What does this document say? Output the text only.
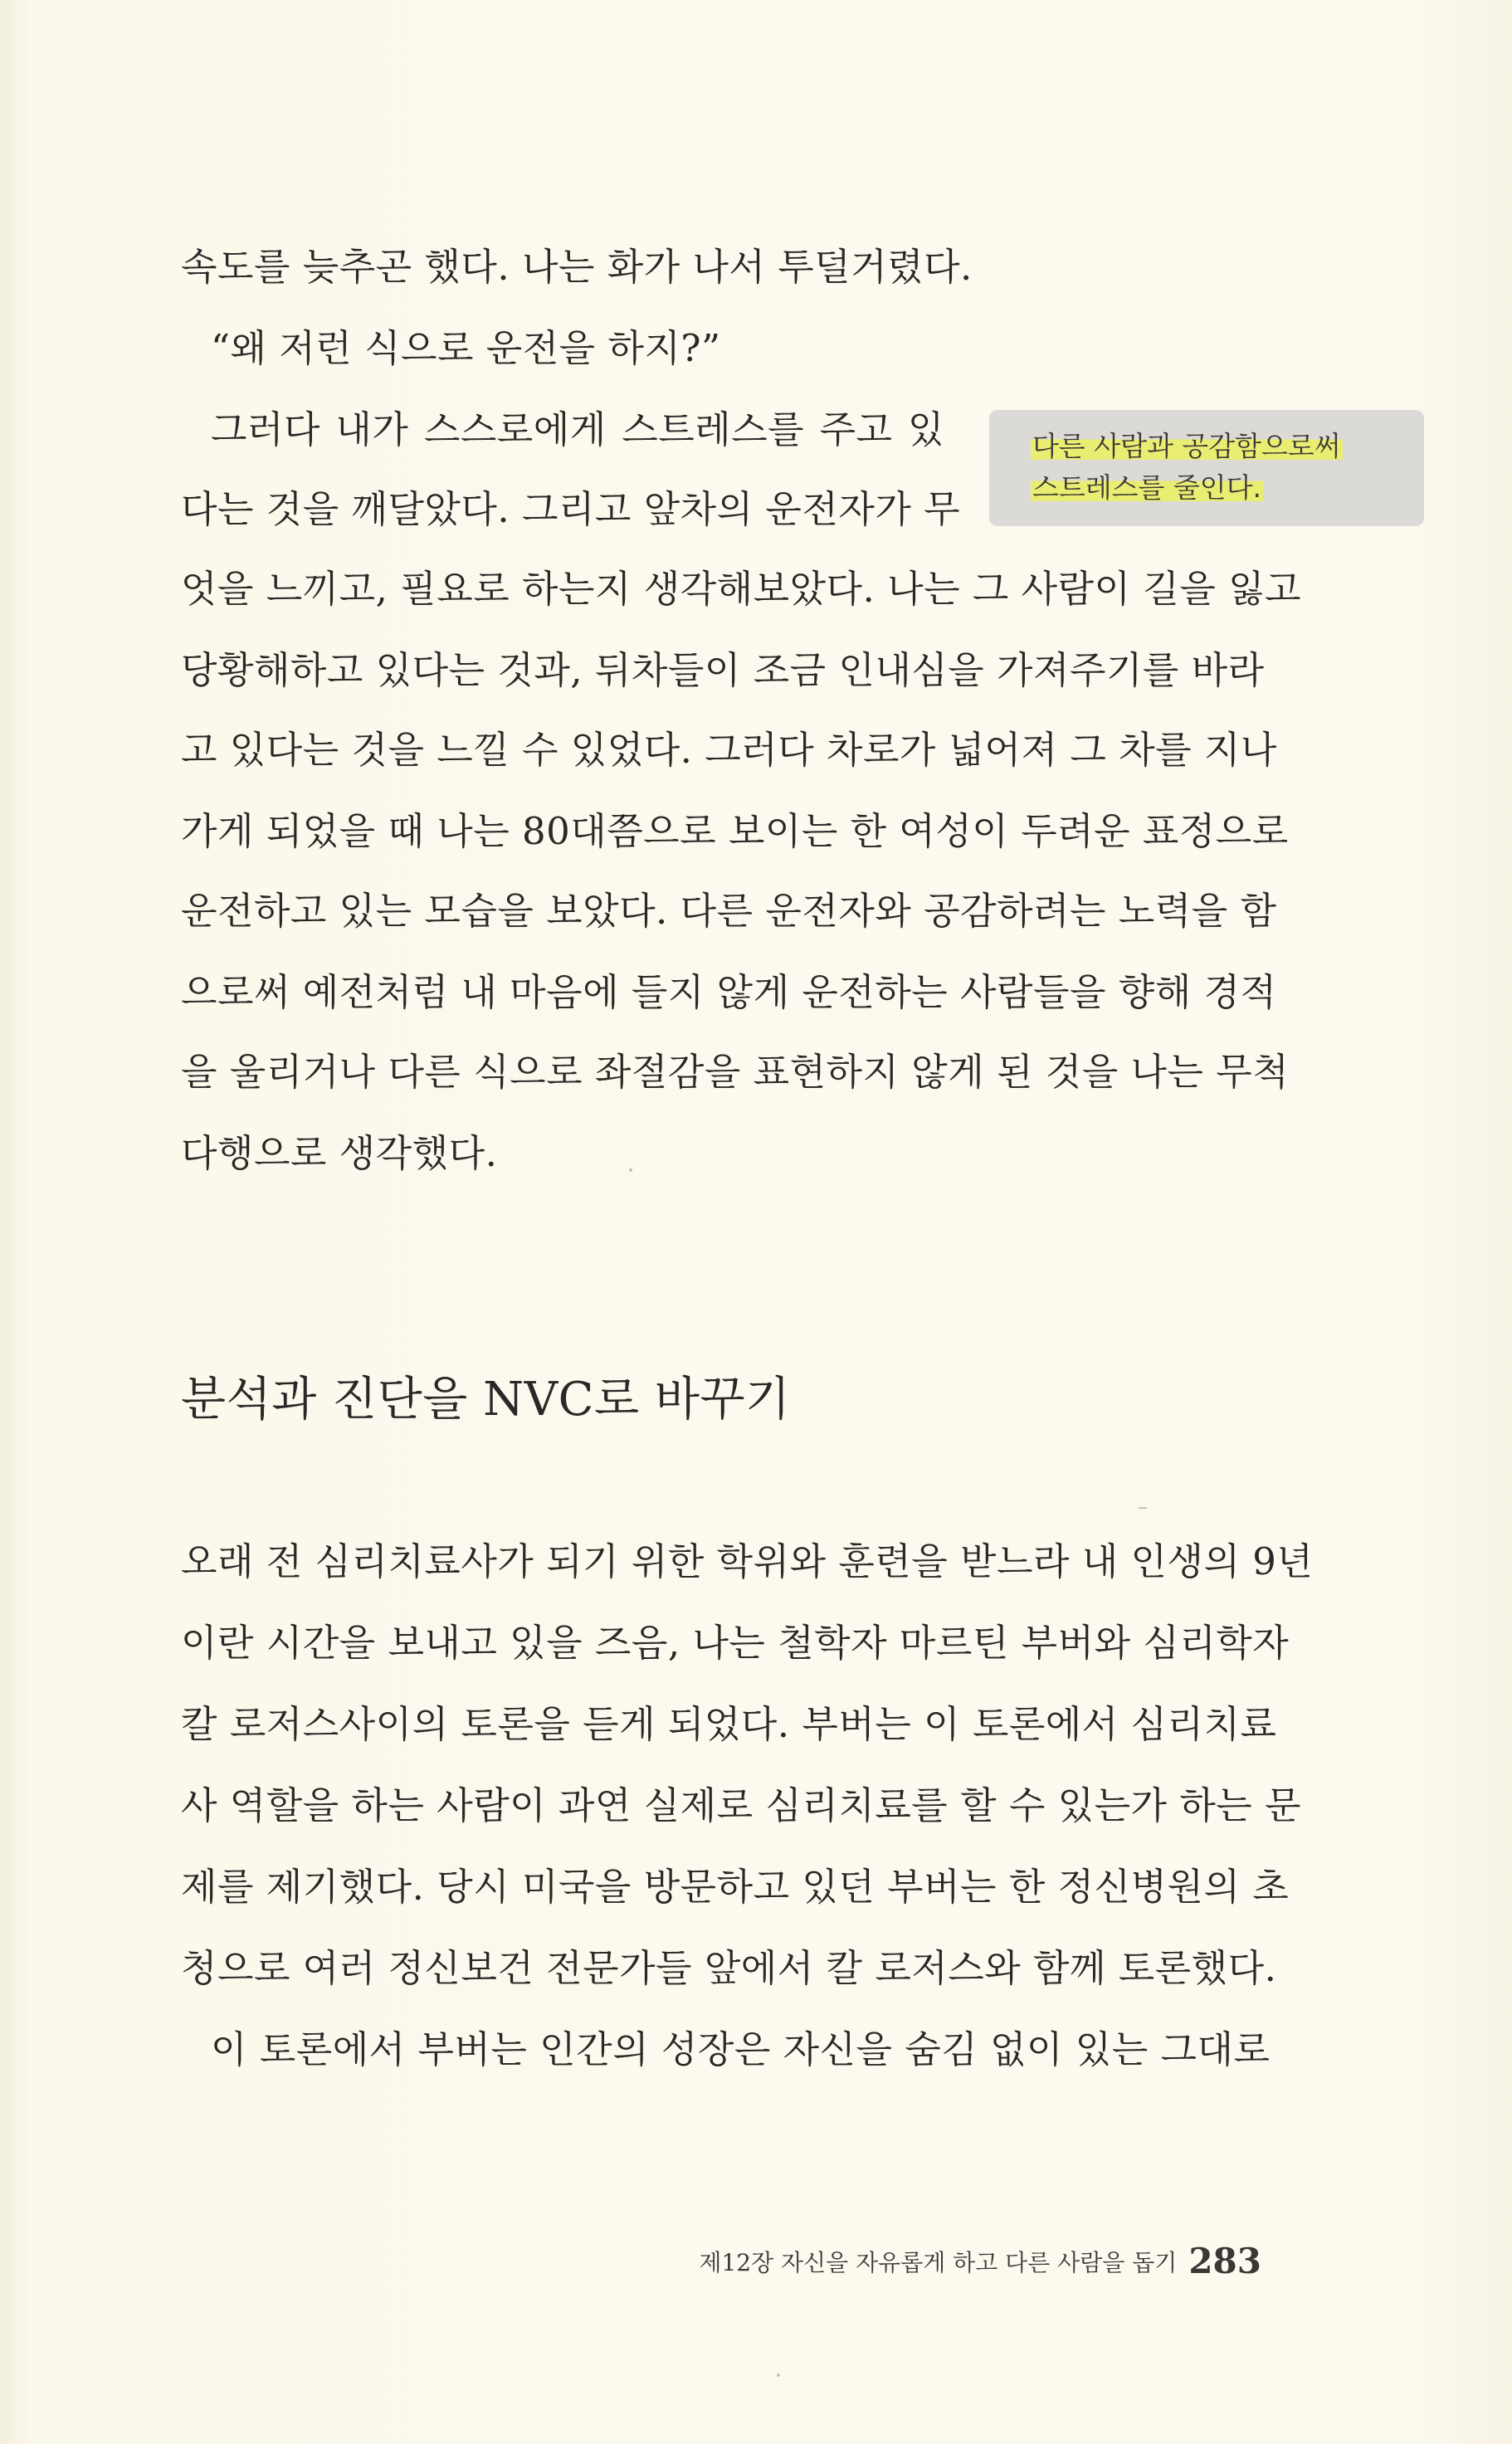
속도를 늦추곤 했다. 나는 화가 나서 투덜거렸다.
“왜 저런 식으로 운전을 하지?”
그러다 내가 스스로에게 스트레스를 주고 있
다는 것을 깨달았다. 그리고 앞차의 운전자가 무
엇을 느끼고, 필요로 하는지 생각해보았다. 나는 그 사람이 길을 잃고
당황해하고 있다는 것과, 뒤차들이 조금 인내심을 가져주기를 바라
고 있다는 것을 느낄 수 있었다. 그러다 차로가 넓어져 그 차를 지나
가게 되었을 때 나는 80대쯤으로 보이는 한 여성이 두려운 표정으로
운전하고 있는 모습을 보았다. 다른 운전자와 공감하려는 노력을 함
으로써 예전처럼 내 마음에 들지 않게 운전하는 사람들을 향해 경적
을 울리거나 다른 식으로 좌절감을 표현하지 않게 된 것을 나는 무척
다행으로 생각했다.
다른 사람과 공감함으로써
스트레스를 줄인다.
분석과 진단을 NVC로 바꾸기
오래 전 심리치료사가 되기 위한 학위와 훈련을 받느라 내 인생의 9년
이란 시간을 보내고 있을 즈음, 나는 철학자 마르틴 부버와 심리학자
칼 로저스사이의 토론을 듣게 되었다. 부버는 이 토론에서 심리치료
사 역할을 하는 사람이 과연 실제로 심리치료를 할 수 있는가 하는 문
제를 제기했다. 당시 미국을 방문하고 있던 부버는 한 정신병원의 초
청으로 여러 정신보건 전문가들 앞에서 칼 로저스와 함께 토론했다.
이 토론에서 부버는 인간의 성장은 자신을 숨김 없이 있는 그대로
제12장 자신을 자유롭게 하고 다른 사람을 돕기 283
